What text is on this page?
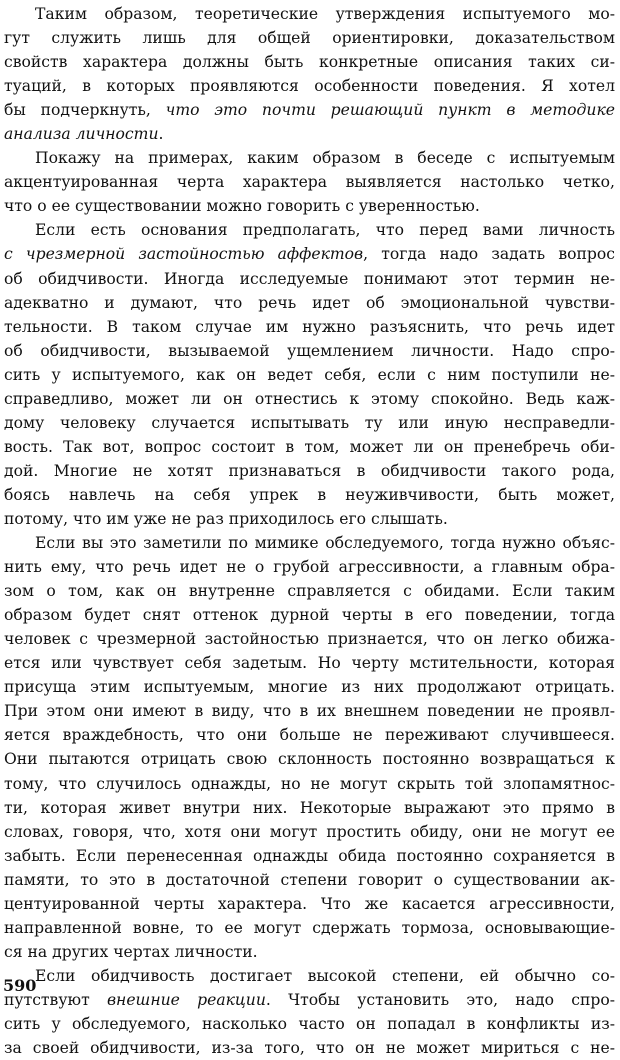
Таким образом, теоретические утверждения испытуемого мо-
гут служить лишь для общей ориентировки, доказательством
свойств характера должны быть конкретные описания таких си-
туаций, в которых проявляются особенности поведения. Я хотел
бы подчеркнуть, что это почти решающий пункт в методике
анализа личности.
Покажу на примерах, каким образом в беседе с испытуемым
акцентуированная черта характера выявляется настолько четко,
что о ее существовании можно говорить с уверенностью.
Если есть основания предполагать, что перед вами личность
с чрезмерной застойностью аффектов, тогда надо задать вопрос
об обидчивости. Иногда исследуемые понимают этот термин не-
адекватно и думают, что речь идет об эмоциональной чувстви-
тельности. В таком случае им нужно разъяснить, что речь идет
об обидчивости, вызываемой ущемлением личности. Надо спро-
сить у испытуемого, как он ведет себя, если с ним поступили не-
справедливо, может ли он отнестись к этому спокойно. Ведь каж-
дому человеку случается испытывать ту или иную несправедли-
вость. Так вот, вопрос состоит в том, может ли он пренебречь оби-
дой. Многие не хотят признаваться в обидчивости такого рода,
боясь навлечь на себя упрек в неуживчивости, быть может,
потому, что им уже не раз приходилось его слышать.
Если вы это заметили по мимике обследуемого, тогда нужно объяс-
нить ему, что речь идет не о грубой агрессивности, а главным обра-
зом о том, как он внутренне справляется с обидами. Если таким
образом будет снят оттенок дурной черты в его поведении, тогда
человек с чрезмерной застойностью признается, что он легко обижа-
ется или чувствует себя задетым. Но черту мстительности, которая
присуща этим испытуемым, многие из них продолжают отрицать.
При этом они имеют в виду, что в их внешнем поведении не проявл-
яется враждебность, что они больше не переживают случившееся.
Они пытаются отрицать свою склонность постоянно возвращаться к
тому, что случилось однажды, но не могут скрыть той злопамятнос-
ти, которая живет внутри них. Некоторые выражают это прямо в
словах, говоря, что, хотя они могут простить обиду, они не могут ее
забыть. Если перенесенная однажды обида постоянно сохраняется в
памяти, то это в достаточной степени говорит о существовании ак-
центуированной черты характера. Что же касается агрессивности,
направленной вовне, то ее могут сдержать тормоза, основывающие-
ся на других чертах личности.
Если обидчивость достигает высокой степени, ей обычно со-
путствуют внешние реакции. Чтобы установить это, надо спро-
сить у обследуемого, насколько часто он попадал в конфликты из-
за своей обидчивости, из-за того, что он не может мириться с не-
590
